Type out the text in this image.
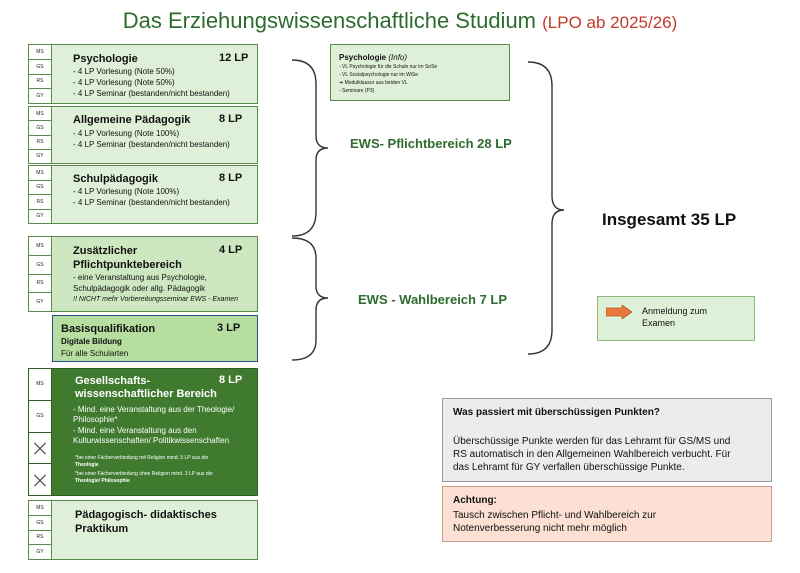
Das Erziehungswissenschaftliche Studium (LPO ab 2025/26)
MS
GS
RS
GY
Psychologie	12 LP
- 4 LP Vorlesung (Note 50%)
- 4 LP Vorlesung (Note 50%)
- 4 LP Seminar (bestanden/nicht bestanden)
MS
GS
RS
GY
Allgemeine Pädagogik	8 LP
- 4 LP Vorlesung (Note 100%)
- 4 LP Seminar (bestanden/nicht bestanden)
MS
GS
RS
GY
Schulpädagogik	8 LP
- 4 LP Vorlesung (Note 100%)
- 4 LP Seminar (bestanden/nicht bestanden)
MS
GS
RS
GY
Zusätzlicher
Pflichtpunktebereich
4 LP
- eine Veranstaltung aus Psychologie,
Schulpädagogik oder allg. Pädagogik
!! NICHT mehr Vorbereitungsseminar EWS - Examen
Basisqualifikation	3 LP
Digitale Bildung
Für alle Schularten
MS
GS
Gesellschafts-
wissenschaftlicher Bereich
8 LP
- Mind. eine Veranstaltung aus der Theologie/
Philosophie*
- Mind. eine Veranstaltung aus den
Kulturwissenschaften/ Politikwissenschaften
*bei einer Fächerverbindung mit Religion mind. 5 LP aus der
Theologie
*bei einer Fächerverbindung ohne Religion mind. 3 LP aus der
Theologie/ Philosophie
MS
GS
RS
GY
Pädagogisch- didaktisches
Praktikum
Psychologie (Info)
- VL Psychologie für die Schule nur im SoSe
- VL Sozialpsychologie nur im WiSe
➔ Modulklausur aus beiden VL
- Seminare (P3)
EWS- Pflichtbereich 28 LP
EWS - Wahlbereich 7 LP
Insgesamt 35 LP
Anmeldung zum
Examen
Was passiert mit überschüssigen Punkten?
Überschüssige Punkte werden für das Lehramt für GS/MS und
RS automatisch in den Allgemeinen Wahlbereich verbucht. Für
das Lehramt für GY verfallen überschüssige Punkte.
Achtung:
Tausch zwischen Pflicht- und Wahlbereich zur
Notenverbesserung nicht mehr möglich
